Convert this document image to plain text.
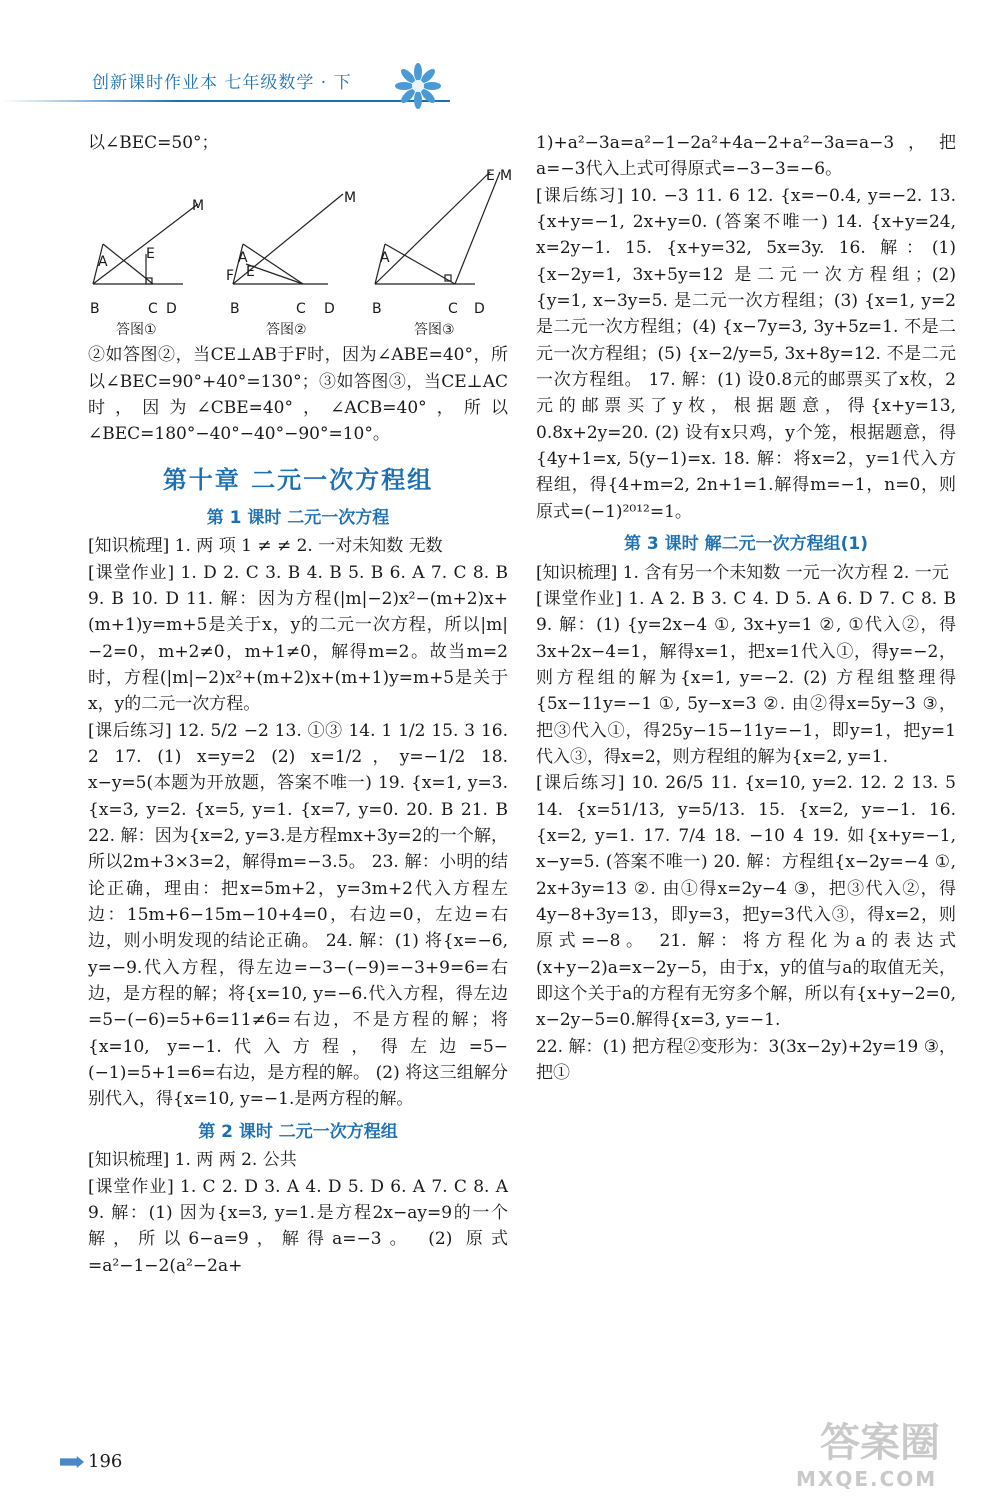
创新课时作业本 七年级数学 · 下

以∠BEC=50°；

B	C D
A	E
M
B	C D
A
F E
M
B	C D
A
E M
答图①	答图②	答图③

②如答图②，当CE⊥AB于F时，因为∠ABE=40°，所以∠BEC=90°+40°=130°；③如答图③，当CE⊥AC时，因为∠CBE=40°，∠ACB=40°，所以∠BEC=180°−40°−40°−90°=10°。

第十章 二元一次方程组
第 1 课时 二元一次方程

[知识梳理] 1. 两 项 1 ≠ ≠ 2. 一对未知数 无数

[课堂作业] 1. D 2. C 3. B 4. B 5. B 6. A 7. C 8. B 9. B 10. D 11. 解：因为方程(|m|−2)x²−(m+2)x+(m+1)y=m+5是关于x，y的二元一次方程，所以|m|−2=0，m+2≠0，m+1≠0，解得m=2。故当m=2时，方程(|m|−2)x²+(m+2)x+(m+1)y=m+5是关于x，y的二元一次方程。

[课后练习] 12. 5/2 −2 13. ①③ 14. 1 1/2 15. 3 16. 2 17. (1) x=y=2 (2) x=1/2，y=−1/2 18. x−y=5(本题为开放题，答案不唯一) 19. {x=1, y=3. {x=3, y=2. {x=5, y=1. {x=7, y=0. 20. B 21. B 22. 解：因为{x=2, y=3.是方程mx+3y=2的一个解，所以2m+3×3=2，解得m=−3.5。 23. 解：小明的结论正确，理由：把x=5m+2，y=3m+2代入方程左边：15m+6−15m−10+4=0，右边=0，左边=右边，则小明发现的结论正确。 24. 解：(1) 将{x=−6, y=−9.代入方程，得左边=−3−(−9)=−3+9=6=右边，是方程的解；将{x=10, y=−6.代入方程，得左边=5−(−6)=5+6=11≠6=右边，不是方程的解；将{x=10, y=−1.代入方程，得左边=5−(−1)=5+1=6=右边，是方程的解。 (2) 将这三组解分别代入，得{x=10, y=−1.是两方程的解。

第 2 课时 二元一次方程组

[知识梳理] 1. 两 两 2. 公共

[课堂作业] 1. C 2. D 3. A 4. D 5. D 6. A 7. C 8. A 9. 解：(1) 因为{x=3, y=1.是方程2x−ay=9的一个解，所以6−a=9，解得a=−3。 (2) 原式=a²−1−2(a²−2a+

1)+a²−3a=a²−1−2a²+4a−2+a²−3a=a−3，把a=−3代入上式可得原式=−3−3=−6。

[课后练习] 10. −3 11. 6 12. {x=−0.4, y=−2. 13. {x+y=−1, 2x+y=0. (答案不唯一) 14. {x+y=24, x=2y−1. 15. {x+y=32, 5x=3y. 16. 解：(1) {x−2y=1, 3x+5y=12 是二元一次方程组；(2) {y=1, x−3y=5. 是二元一次方程组；(3) {x=1, y=2 是二元一次方程组；(4) {x−7y=3, 3y+5z=1. 不是二元一次方程组；(5) {x−2/y=5, 3x+8y=12. 不是二元一次方程组。 17. 解：(1) 设0.8元的邮票买了x枚，2元的邮票买了y枚，根据题意，得{x+y=13, 0.8x+2y=20. (2) 设有x只鸡，y个笼，根据题意，得{4y+1=x, 5(y−1)=x. 18. 解：将x=2，y=1代入方程组，得{4+m=2, 2n+1=1.解得m=−1，n=0，则原式=(−1)²⁰¹²=1。

第 3 课时 解二元一次方程组(1)

[知识梳理] 1. 含有另一个未知数 一元一次方程 2. 一元

[课堂作业] 1. A 2. B 3. C 4. D 5. A 6. D 7. C 8. B 9. 解：(1) {y=2x−4 ①, 3x+y=1 ②, ①代入②，得3x+2x−4=1，解得x=1，把x=1代入①，得y=−2，则方程组的解为{x=1, y=−2. (2) 方程组整理得{5x−11y=−1 ①, 5y−x=3 ②. 由②得x=5y−3 ③，把③代入①，得25y−15−11y=−1，即y=1，把y=1代入③，得x=2，则方程组的解为{x=2, y=1.

[课后练习] 10. 26/5 11. {x=10, y=2. 12. 2 13. 5 14. {x=51/13, y=5/13. 15. {x=2, y=−1. 16. {x=2, y=1. 17. 7/4 18. −10 4 19. 如{x+y=−1, x−y=5. (答案不唯一) 20. 解：方程组{x−2y=−4 ①, 2x+3y=13 ②. 由①得x=2y−4 ③，把③代入②，得4y−8+3y=13，即y=3，把y=3代入③，得x=2，则原式=−8。 21. 解：将方程化为a的表达式(x+y−2)a=x−2y−5，由于x，y的值与a的取值无关，即这个关于a的方程有无穷多个解，所以有{x+y−2=0, x−2y−5=0.解得{x=3, y=−1.

22. 解：(1) 把方程②变形为：3(3x−2y)+2y=19 ③，把①

196	答案圈
MXQE.COM
